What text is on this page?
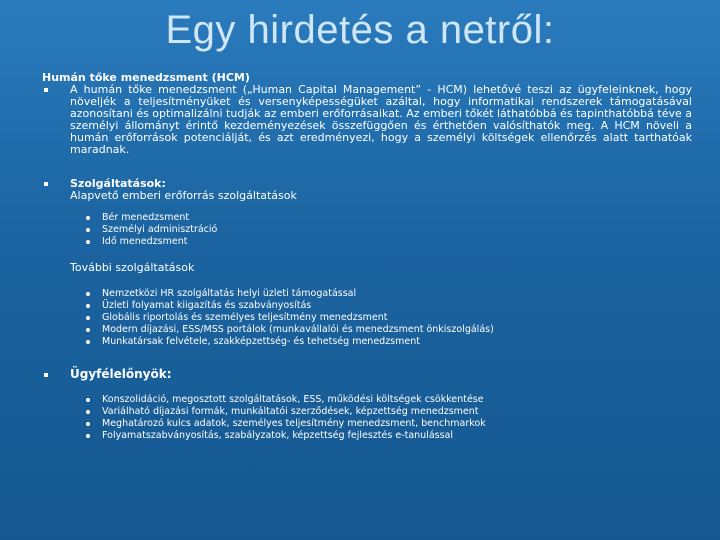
Egy hirdetés a netről:
Humán tőke menedzsment (HCM)
A humán tőke menedzsment („Human Capital Management” - HCM) lehetővé teszi az ügyfeleinknek, hogy növeljék a teljesítményüket és versenyképességüket azáltal, hogy informatikai rendszerek támogatásával azonosítani és optimalizálni tudják az emberi erőforrásaikat. Az emberi tőkét láthatóbbá és tapinthatóbbá téve a személyi állományt érintő kezdeményezések összefüggően és érthetően valósíthatók meg. A HCM növeli a humán erőforrások potenciálját, és azt eredményezi, hogy a személyi költségek ellenőrzés alatt tarthatóak maradnak.
Szolgáltatások:
Alapvető emberi erőforrás szolgáltatások
Bér menedzsment
Személyi adminisztráció
Idő menedzsment
További szolgáltatások
Nemzetközi HR szolgáltatás helyi üzleti támogatással
Üzleti folyamat kiigazítás és szabványosítás
Globális riportolás és személyes teljesítmény menedzsment
Modern díjazási, ESS/MSS portálok (munkavállalói és menedzsment önkiszolgálás)
Munkatársak felvétele, szakképzettség- és tehetség menedzsment
Ügyfélelőnyök:
Konszolidáció, megosztott szolgáltatások, ESS, működési költségek csökkentése
Variálható díjazási formák, munkáltatói szerződések, képzettség menedzsment
Meghatározó kulcs adatok, személyes teljesítmény menedzsment, benchmarkok
Folyamatszabványosítás, szabályzatok, képzettség fejlesztés e-tanulással
